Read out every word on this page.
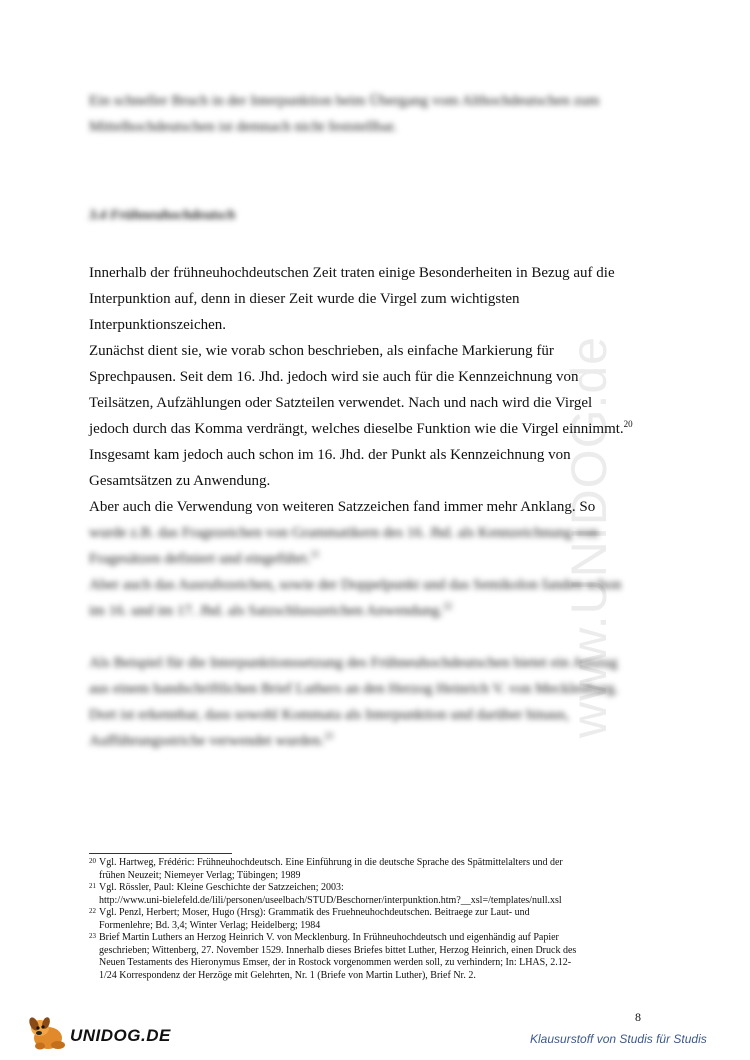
www.UNIDOG.de
Ein schneller Bruch in der Interpunktion beim Übergang vom Althochdeutschen zum
Mittelhochdeutschen ist demnach nicht feststellbar.
3.4 Frühneuhochdeutsch
Innerhalb der frühneuhochdeutschen Zeit traten einige Besonderheiten in Bezug auf die
Interpunktion auf, denn in dieser Zeit wurde die Virgel zum wichtigsten
Interpunktionszeichen.
Zunächst dient sie, wie vorab schon beschrieben, als einfache Markierung für
Sprechpausen. Seit dem 16. Jhd. jedoch wird sie auch für die Kennzeichnung von
Teilsätzen, Aufzählungen oder Satzteilen verwendet. Nach und nach wird die Virgel
jedoch durch das Komma verdrängt, welches dieselbe Funktion wie die Virgel einnimmt.$^{20}$
Insgesamt kam jedoch auch schon im 16. Jhd. der Punkt als Kennzeichnung von
Gesamtsätzen zu Anwendung.
Aber auch die Verwendung von weiteren Satzzeichen fand immer mehr Anklang. So
wurde z.B. das Fragezeichen von Grammatikern des 16. Jhd. als Kennzeichnung von
Fragesätzen definiert und eingeführt.$^{21}$
Aber auch das Ausrufezeichen, sowie der Doppelpunkt und das Semikolon fanden schon
im 16. und im 17. Jhd. als Satzschlusszeichen Anwendung.$^{22}$
Als Beispiel für die Interpunktionssetzung des Frühneuhochdeutschen bietet ein Auszug
aus einem handschriftlichen Brief Luthers an den Herzog Heinrich V. von Mecklenburg.
Dort ist erkennbar, dass sowohl Kommata als Interpunktion und darüber hinaus,
Aufführungsstriche verwendet wurden.$^{23}$
20 Vgl. Hartweg, Frédéric: Frühneuhochdeutsch. Eine Einführung in die deutsche Sprache des Spätmittelalters und der
frühen Neuzeit; Niemeyer Verlag; Tübingen; 1989
21 Vgl. Rössler, Paul: Kleine Geschichte der Satzzeichen; 2003:
http://www.uni-bielefeld.de/lili/personen/useelbach/STUD/Beschorner/interpunktion.htm?__xsl=/templates/null.xsl
22 Vgl. Penzl, Herbert; Moser, Hugo (Hrsg): Grammatik des Fruehneuhochdeutschen. Beitraege zur Laut- und
Formenlehre; Bd. 3,4; Winter Verlag; Heidelberg; 1984
23 Brief Martin Luthers an Herzog Heinrich V. von Mecklenburg. In Frühneuhochdeutsch und eigenhändig auf Papier
geschrieben; Wittenberg, 27. November 1529. Innerhalb dieses Briefes bittet Luther, Herzog Heinrich, einen Druck des
Neuen Testaments des Hieronymus Emser, der in Rostock vorgenommen werden soll, zu verhindern; In: LHAS, 2.12-
1/24 Korrespondenz der Herzöge mit Gelehrten, Nr. 1 (Briefe von Martin Luther), Brief Nr. 2.
8
UNIDOG.DE	Klausurstoff von Studis für Studis
